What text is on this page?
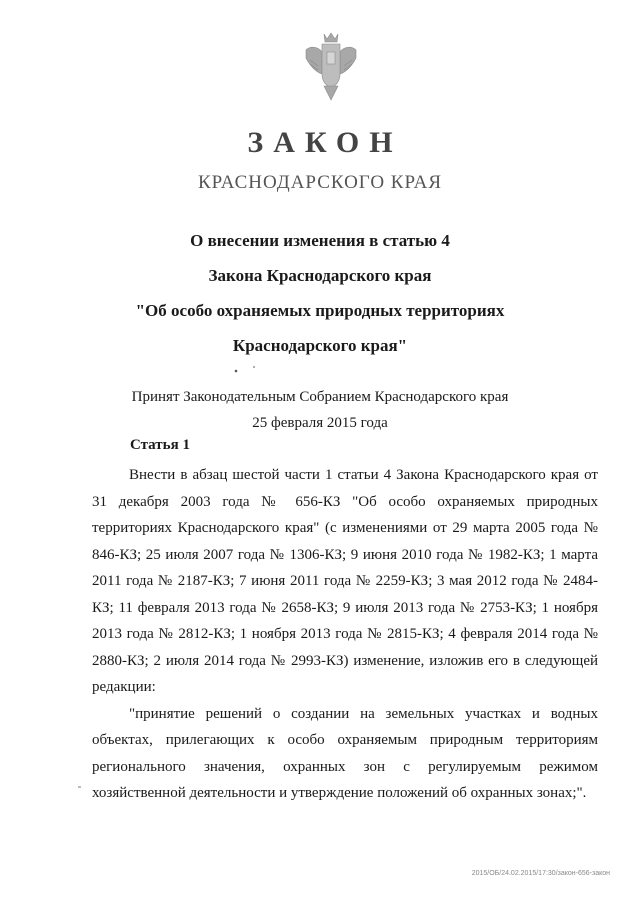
ЗАКОН
КРАСНОДАРСКОГО КРАЯ
О внесении изменения в статью 4
Закона Краснодарского края
"Об особо охраняемых природных территориях
Краснодарского края"
Принят Законодательным Собранием Краснодарского края
25 февраля 2015 года
Статья 1

Внести в абзац шестой части 1 статьи 4 Закона Краснодарского края от 31 декабря 2003 года № 656-КЗ "Об особо охраняемых природных территориях Краснодарского края" (с изменениями от 29 марта 2005 года № 846-КЗ; 25 июля 2007 года № 1306-КЗ; 9 июня 2010 года № 1982-КЗ; 1 марта 2011 года № 2187-КЗ; 7 июня 2011 года № 2259-КЗ; 3 мая 2012 года № 2484-КЗ; 11 февраля 2013 года № 2658-КЗ; 9 июля 2013 года № 2753-КЗ; 1 ноября 2013 года № 2812-КЗ; 1 ноября 2013 года № 2815-КЗ; 4 февраля 2014 года № 2880-КЗ; 2 июля 2014 года № 2993-КЗ) изменение, изложив его в следующей редакции:

"принятие решений о создании на земельных участках и водных объектах, прилегающих к особо охраняемым природным территориям регионального значения, охранных зон с регулируемым режимом хозяйственной деятельности и утверждение положений об охранных зонах;".

2015/ОБ/24.02.2015/17:30/закон-656-закон
